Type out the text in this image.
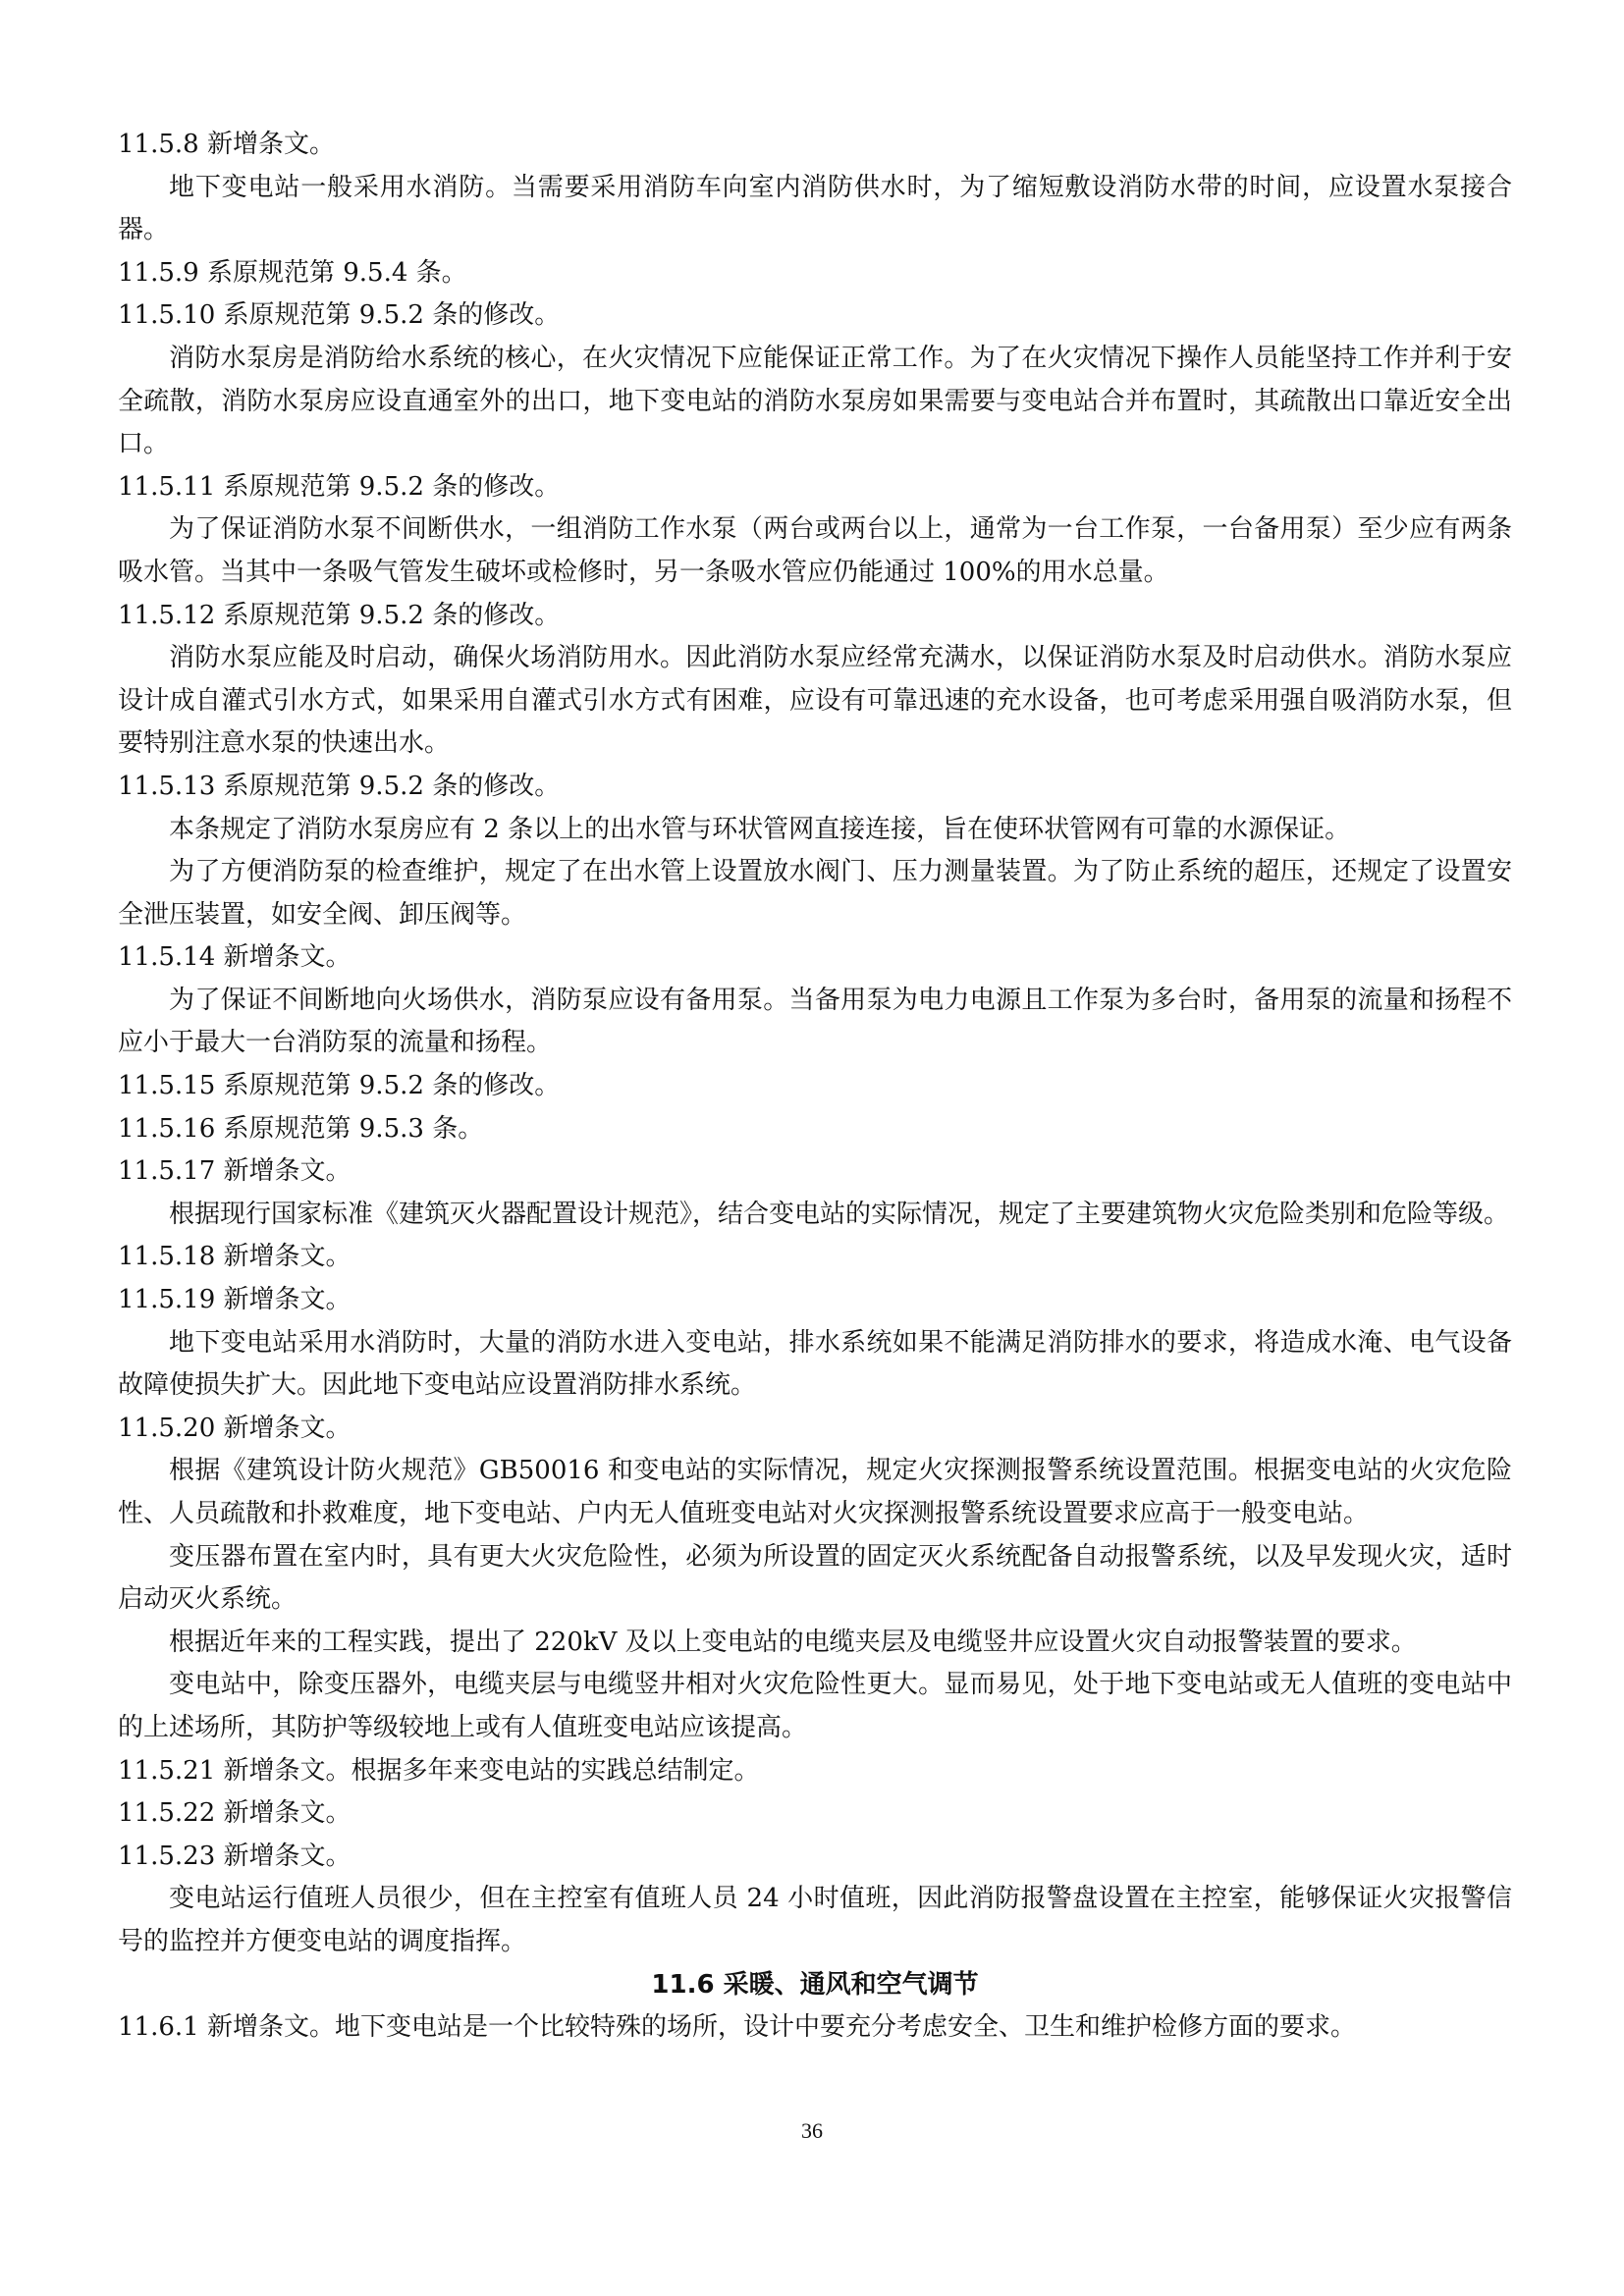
11.5.8 新增条文。
地下变电站一般采用水消防。当需要采用消防车向室内消防供水时，为了缩短敷设消防水带的时间，应设置水泵接合器。
11.5.9 系原规范第 9.5.4 条。
11.5.10 系原规范第 9.5.2 条的修改。
消防水泵房是消防给水系统的核心，在火灾情况下应能保证正常工作。为了在火灾情况下操作人员能坚持工作并利于安全疏散，消防水泵房应设直通室外的出口，地下变电站的消防水泵房如果需要与变电站合并布置时，其疏散出口靠近安全出口。
11.5.11 系原规范第 9.5.2 条的修改。
为了保证消防水泵不间断供水，一组消防工作水泵（两台或两台以上，通常为一台工作泵，一台备用泵）至少应有两条吸水管。当其中一条吸气管发生破坏或检修时，另一条吸水管应仍能通过 100%的用水总量。
11.5.12 系原规范第 9.5.2 条的修改。
消防水泵应能及时启动，确保火场消防用水。因此消防水泵应经常充满水，以保证消防水泵及时启动供水。消防水泵应设计成自灌式引水方式，如果采用自灌式引水方式有困难，应设有可靠迅速的充水设备，也可考虑采用强自吸消防水泵，但要特别注意水泵的快速出水。
11.5.13 系原规范第 9.5.2 条的修改。
本条规定了消防水泵房应有 2 条以上的出水管与环状管网直接连接，旨在使环状管网有可靠的水源保证。
为了方便消防泵的检查维护，规定了在出水管上设置放水阀门、压力测量装置。为了防止系统的超压，还规定了设置安全泄压装置，如安全阀、卸压阀等。
11.5.14 新增条文。
为了保证不间断地向火场供水，消防泵应设有备用泵。当备用泵为电力电源且工作泵为多台时，备用泵的流量和扬程不应小于最大一台消防泵的流量和扬程。
11.5.15 系原规范第 9.5.2 条的修改。
11.5.16 系原规范第 9.5.3 条。
11.5.17 新增条文。
根据现行国家标准《建筑灭火器配置设计规范》，结合变电站的实际情况，规定了主要建筑物火灾危险类别和危险等级。
11.5.18 新增条文。
11.5.19 新增条文。
地下变电站采用水消防时，大量的消防水进入变电站，排水系统如果不能满足消防排水的要求，将造成水淹、电气设备故障使损失扩大。因此地下变电站应设置消防排水系统。
11.5.20 新增条文。
根据《建筑设计防火规范》GB50016 和变电站的实际情况，规定火灾探测报警系统设置范围。根据变电站的火灾危险性、人员疏散和扑救难度，地下变电站、户内无人值班变电站对火灾探测报警系统设置要求应高于一般变电站。
变压器布置在室内时，具有更大火灾危险性，必须为所设置的固定灭火系统配备自动报警系统，以及早发现火灾，适时启动灭火系统。
根据近年来的工程实践，提出了 220kV 及以上变电站的电缆夹层及电缆竖井应设置火灾自动报警装置的要求。
变电站中，除变压器外，电缆夹层与电缆竖井相对火灾危险性更大。显而易见，处于地下变电站或无人值班的变电站中的上述场所，其防护等级较地上或有人值班变电站应该提高。
11.5.21 新增条文。根据多年来变电站的实践总结制定。
11.5.22 新增条文。
11.5.23 新增条文。
变电站运行值班人员很少，但在主控室有值班人员 24 小时值班，因此消防报警盘设置在主控室，能够保证火灾报警信号的监控并方便变电站的调度指挥。
11.6 采暖、通风和空气调节
11.6.1 新增条文。地下变电站是一个比较特殊的场所，设计中要充分考虑安全、卫生和维护检修方面的要求。
36
